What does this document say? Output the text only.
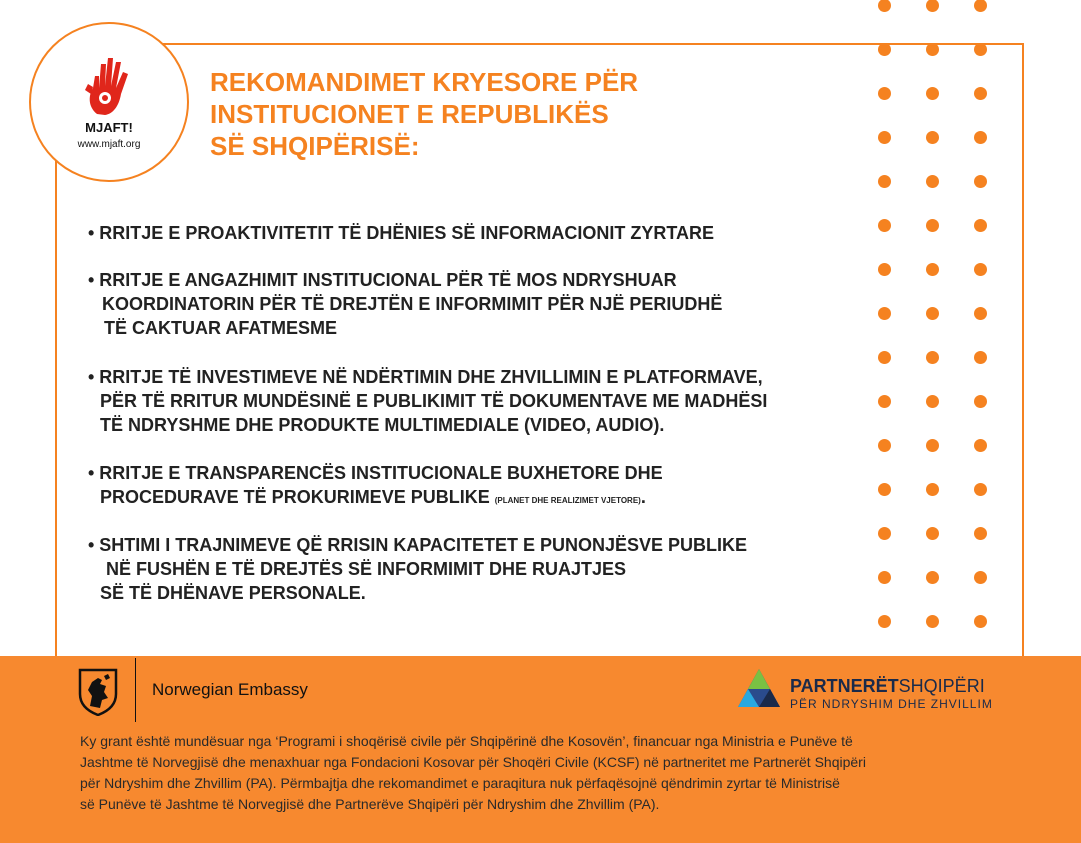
MJAFT!
www.mjaft.org
REKOMANDIMET KRYESORE PËR
INSTITUCIONET E REPUBLIKËS
SË SHQIPËRISË:
• RRITJE E PROAKTIVITETIT TË DHËNIES SË INFORMACIONIT ZYRTARE
• RRITJE E ANGAZHIMIT INSTITUCIONAL PËR TË MOS NDRYSHUAR
KOORDINATORIN PËR TË DREJTËN E INFORMIMIT PËR NJË PERIUDHË
TË CAKTUAR AFATMESME
• RRITJE TË INVESTIMEVE NË NDËRTIMIN DHE ZHVILLIMIN E PLATFORMAVE,
PËR TË RRITUR MUNDËSINË E PUBLIKIMIT TË DOKUMENTAVE ME MADHËSI
TË NDRYSHME DHE PRODUKTE MULTIMEDIALE (VIDEO, AUDIO).
• RRITJE E TRANSPARENCËS INSTITUCIONALE BUXHETORE DHE
PROCEDURAVE TË PROKURIMEVE PUBLIKE (PLANET DHE REALIZIMET VJETORE).
• SHTIMI I TRAJNIMEVE QË RRISIN KAPACITETET E PUNONJËSVE PUBLIKE
NË FUSHËN E TË DREJTËS SË INFORMIMIT DHE RUAJTJES
SË TË DHËNAVE PERSONALE.
Norwegian Embassy	PARTNERËTSHQIPËRI
PËR NDRYSHIM DHE ZHVILLIM
Ky grant është mundësuar nga ‘Programi i shoqërisë civile për Shqipërinë dhe Kosovën’, financuar nga Ministria e Punëve të
Jashtme të Norvegjisë dhe menaxhuar nga Fondacioni Kosovar për Shoqëri Civile (KCSF) në partneritet me Partnerët Shqipëri
për Ndryshim dhe Zhvillim (PA). Përmbajtja dhe rekomandimet e paraqitura nuk përfaqësojnë qëndrimin zyrtar të Ministrisë
së Punëve të Jashtme të Norvegjisë dhe Partnerëve Shqipëri për Ndryshim dhe Zhvillim (PA).
